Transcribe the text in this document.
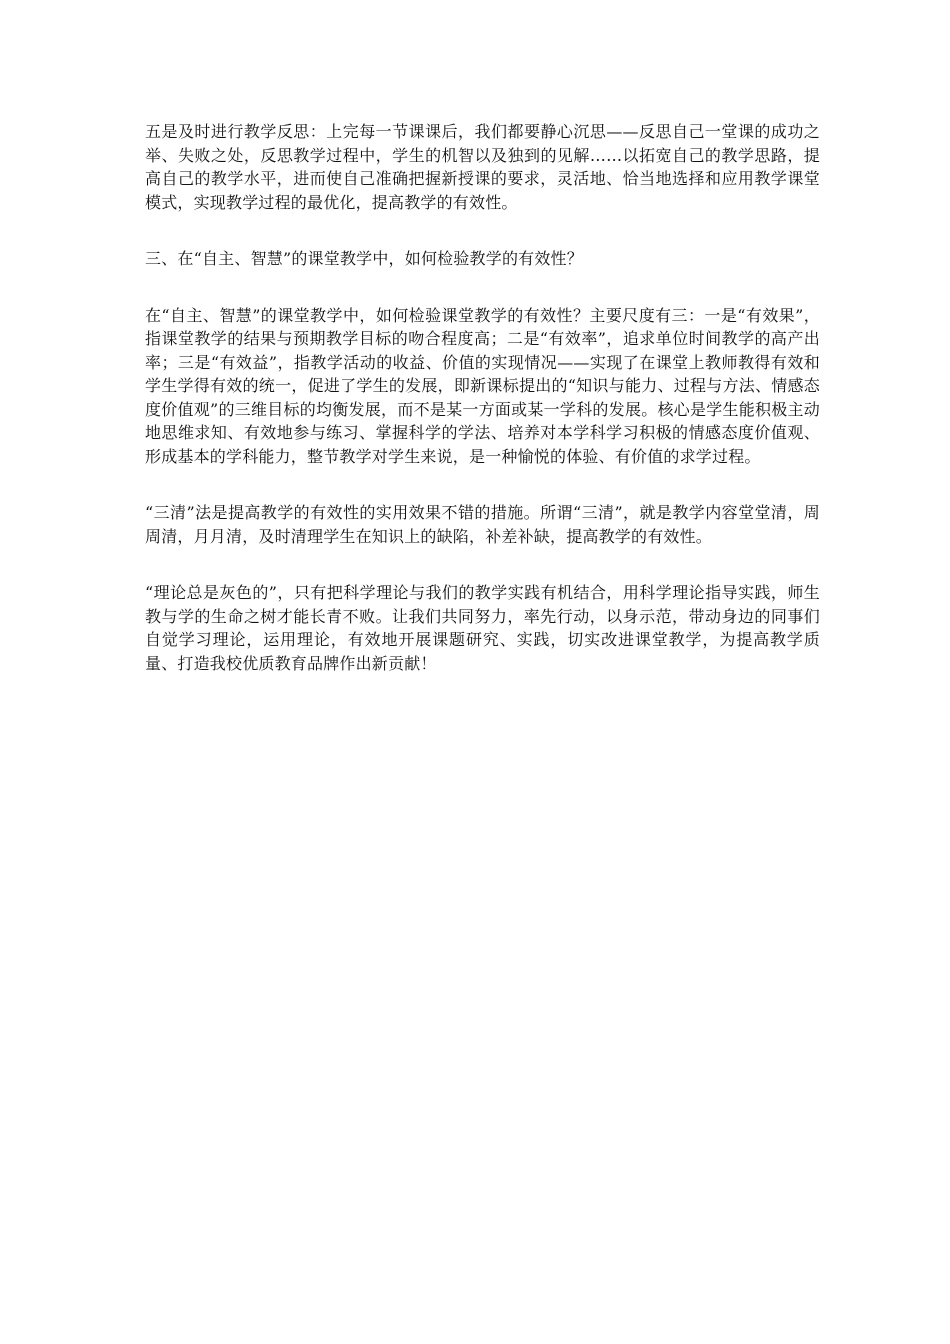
五是及时进行教学反思：上完每一节课课后，我们都要静心沉思——反思自己一堂课的成功之举、失败之处，反思教学过程中，学生的机智以及独到的见解……以拓宽自己的教学思路，提高自己的教学水平，进而使自己准确把握新授课的要求，灵活地、恰当地选择和应用教学课堂模式，实现教学过程的最优化，提高教学的有效性。

三、在“自主、智慧”的课堂教学中，如何检验教学的有效性？

在“自主、智慧”的课堂教学中，如何检验课堂教学的有效性？主要尺度有三：一是“有效果”，指课堂教学的结果与预期教学目标的吻合程度高；二是“有效率”，追求单位时间教学的高产出率；三是“有效益”，指教学活动的收益、价值的实现情况——实现了在课堂上教师教得有效和学生学得有效的统一，促进了学生的发展，即新课标提出的“知识与能力、过程与方法、情感态度价值观”的三维目标的均衡发展，而不是某一方面或某一学科的发展。核心是学生能积极主动地思维求知、有效地参与练习、掌握科学的学法、培养对本学科学习积极的情感态度价值观、形成基本的学科能力，整节教学对学生来说，是一种愉悦的体验、有价值的求学过程。

“三清”法是提高教学的有效性的实用效果不错的措施。所谓“三清”，就是教学内容堂堂清，周周清，月月清，及时清理学生在知识上的缺陷，补差补缺，提高教学的有效性。

“理论总是灰色的”，只有把科学理论与我们的教学实践有机结合，用科学理论指导实践，师生教与学的生命之树才能长青不败。让我们共同努力，率先行动，以身示范，带动身边的同事们自觉学习理论，运用理论，有效地开展课题研究、实践，切实改进课堂教学，为提高教学质量、打造我校优质教育品牌作出新贡献！
